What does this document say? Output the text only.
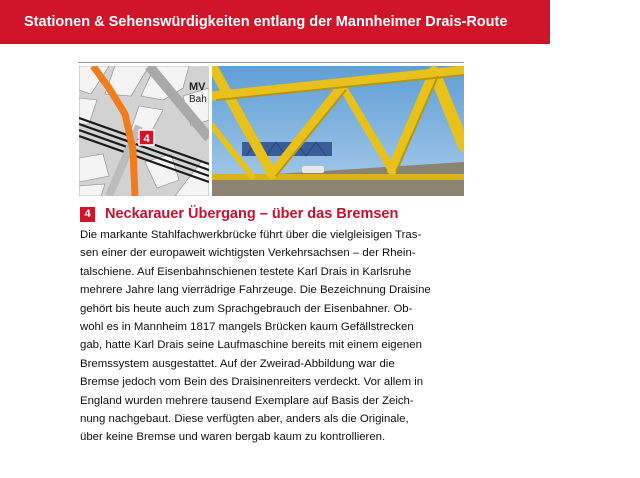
Stationen & Sehenswürdigkeiten entlang der Mannheimer Drais-Route
MV
Bah
4
4 Neckarauer Übergang – über das Bremsen
Die markante Stahlfachwerkbrücke führt über die vielgleisigen Tras-
sen einer der europaweit wichtigsten Verkehrsachsen – der Rhein-
talschiene. Auf Eisenbahnschienen testete Karl Drais in Karlsruhe
mehrere Jahre lang vierrädrige Fahrzeuge. Die Bezeichnung Draisine
gehört bis heute auch zum Sprachgebrauch der Eisenbahner. Ob-
wohl es in Mannheim 1817 mangels Brücken kaum Gefällstrecken
gab, hatte Karl Drais seine Laufmaschine bereits mit einem eigenen
Bremssystem ausgestattet. Auf der Zweirad-Abbildung war die
Bremse jedoch vom Bein des Draisinenreiters verdeckt. Vor allem in
England wurden mehrere tausend Exemplare auf Basis der Zeich-
nung nachgebaut. Diese verfügten aber, anders als die Originale,
über keine Bremse und waren bergab kaum zu kontrollieren.
